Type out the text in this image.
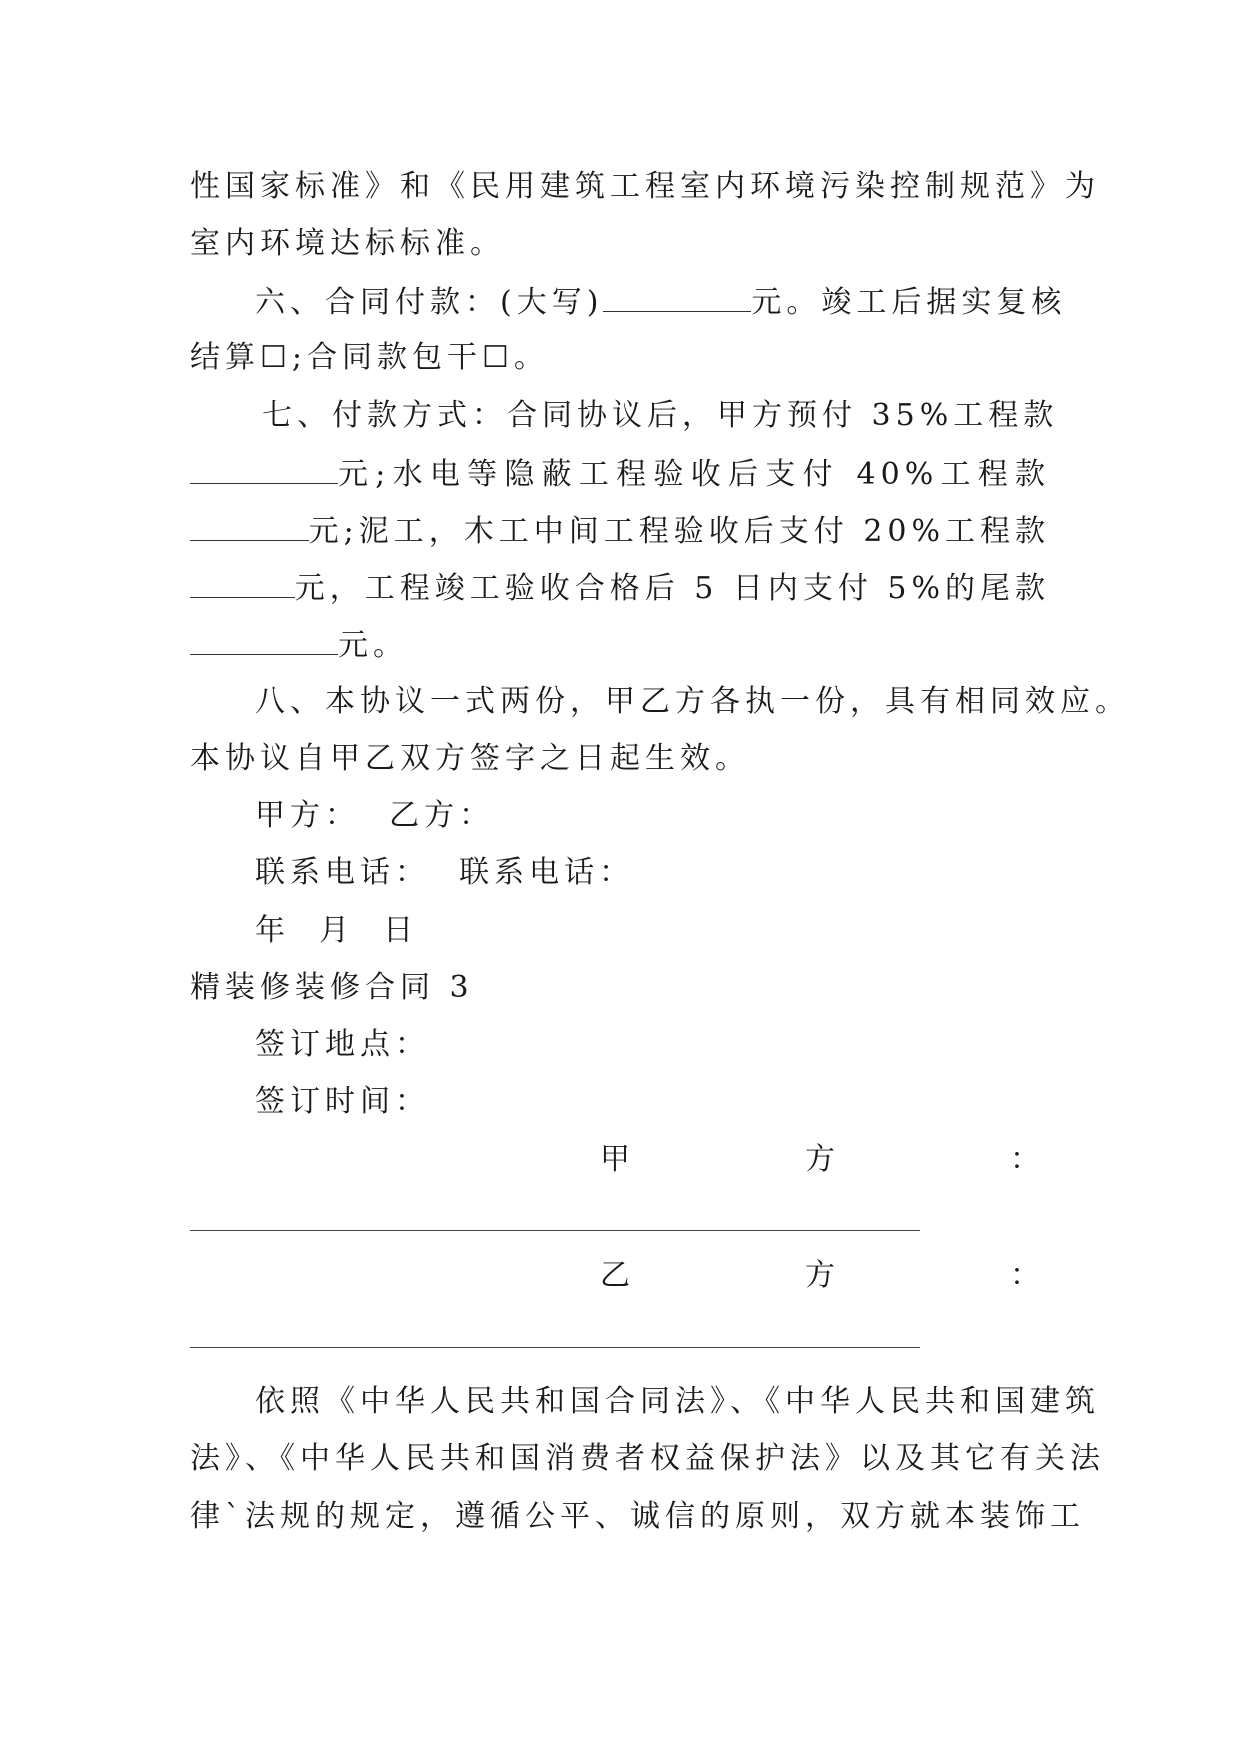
性国家标准》和《民用建筑工程室内环境污染控制规范》为
室内环境达标标准。
六、合同付款：(大写)	元。竣工后据实复核
结算☐;合同款包干☐。
七、付款方式：合同协议后，甲方预付 35%工程款
元;水电等隐蔽工程验收后支付 40%工程款
元;泥工，木工中间工程验收后支付 20%工程款
元，工程竣工验收合格后 5 日内支付 5%的尾款
元。
八、本协议一式两份，甲乙方各执一份，具有相同效应。
本协议自甲乙双方签字之日起生效。
甲方：  乙方：
联系电话：  联系电话：
年  月  日
精装修装修合同 3
签订地点：
签订时间：
甲	方	：
乙	方	：
依照《中华人民共和国合同法》、《中华人民共和国建筑
法》、《中华人民共和国消费者权益保护法》以及其它有关法
律`法规的规定，遵循公平、诚信的原则，双方就本装饰工
